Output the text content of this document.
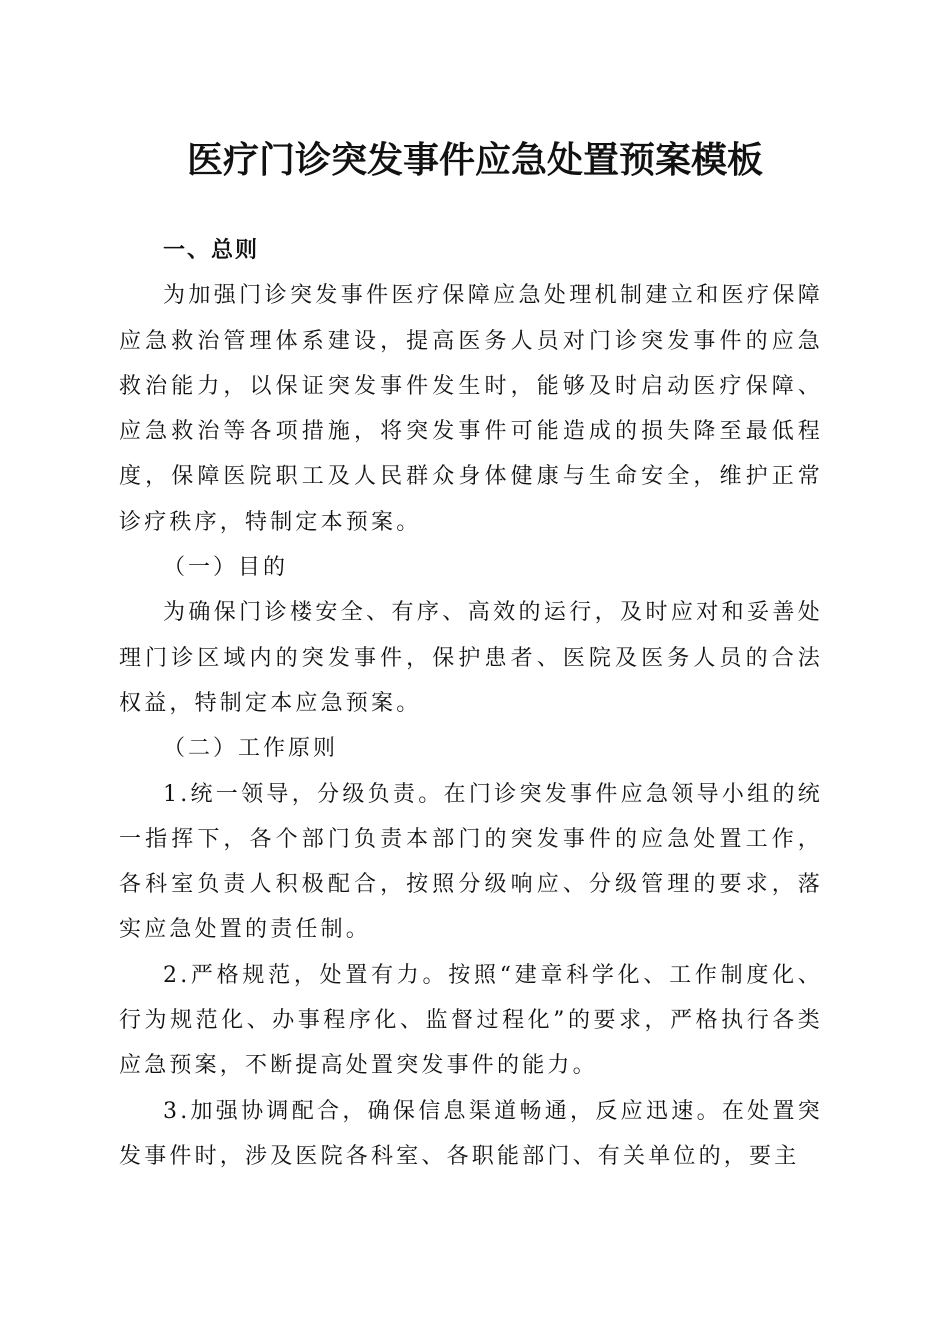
医疗门诊突发事件应急处置预案模板

一、总则

为加强门诊突发事件医疗保障应急处理机制建立和医疗保障应急救治管理体系建设，提高医务人员对门诊突发事件的应急救治能力，以保证突发事件发生时，能够及时启动医疗保障、应急救治等各项措施，将突发事件可能造成的损失降至最低程度，保障医院职工及人民群众身体健康与生命安全，维护正常诊疗秩序，特制定本预案。

（一）目的

为确保门诊楼安全、有序、高效的运行，及时应对和妥善处理门诊区域内的突发事件，保护患者、医院及医务人员的合法权益，特制定本应急预案。

（二）工作原则

1.统一领导，分级负责。在门诊突发事件应急领导小组的统一指挥下，各个部门负责本部门的突发事件的应急处置工作，各科室负责人积极配合，按照分级响应、分级管理的要求，落实应急处置的责任制。

2.严格规范，处置有力。按照“建章科学化、工作制度化、行为规范化、办事程序化、监督过程化”的要求，严格执行各类应急预案，不断提高处置突发事件的能力。

3.加强协调配合，确保信息渠道畅通，反应迅速。在处置突发事件时，涉及医院各科室、各职能部门、有关单位的，要主
